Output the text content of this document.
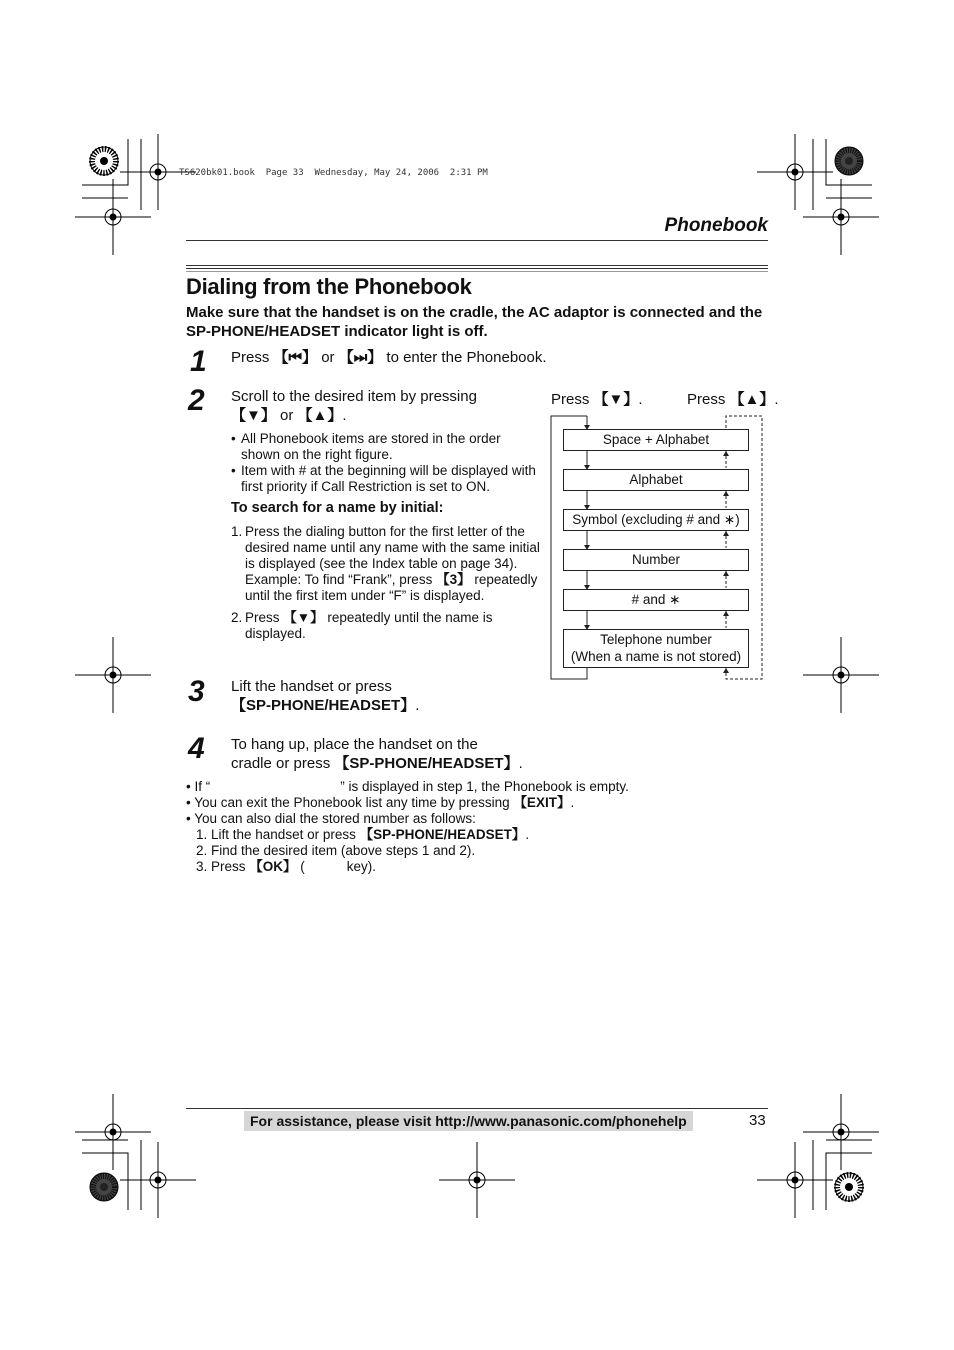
TS620bk01.book  Page 33  Wednesday, May 24, 2006  2:31 PM
Phonebook
Dialing from the Phonebook
Make sure that the handset is on the cradle, the AC adaptor is connected and the SP-PHONE/HEADSET indicator light is off.
1 Press 【⏮】 or 【⏭】 to enter the Phonebook.
2 Scroll to the desired item by pressing
【▼】 or 【▲】.
• All Phonebook items are stored in the order shown on the right figure.
• Item with # at the beginning will be displayed with first priority if Call Restriction is set to ON.
To search for a name by initial:
1. Press the dialing button for the first letter of the desired name until any name with the same initial is displayed (see the Index table on page 34).
Example: To find “Frank”, press 【3】 repeatedly until the first item under “F” is displayed.
2. Press 【▼】 repeatedly until the name is displayed.
Press 【▼】.	Press 【▲】.
Space + Alphabet
Alphabet
Symbol (excluding # and ∗)
Number
# and ∗
Telephone number
(When a name is not stored)
3 Lift the handset or press
【SP-PHONE/HEADSET】.
4 To hang up, place the handset on the
cradle or press 【SP-PHONE/HEADSET】.
• If “	” is displayed in step 1, the Phonebook is empty.
• You can exit the Phonebook list any time by pressing 【EXIT】.
• You can also dial the stored number as follows:
1. Lift the handset or press 【SP-PHONE/HEADSET】.
2. Find the desired item (above steps 1 and 2).
3. Press 【OK】 (	key).
For assistance, please visit http://www.panasonic.com/phonehelp	33
